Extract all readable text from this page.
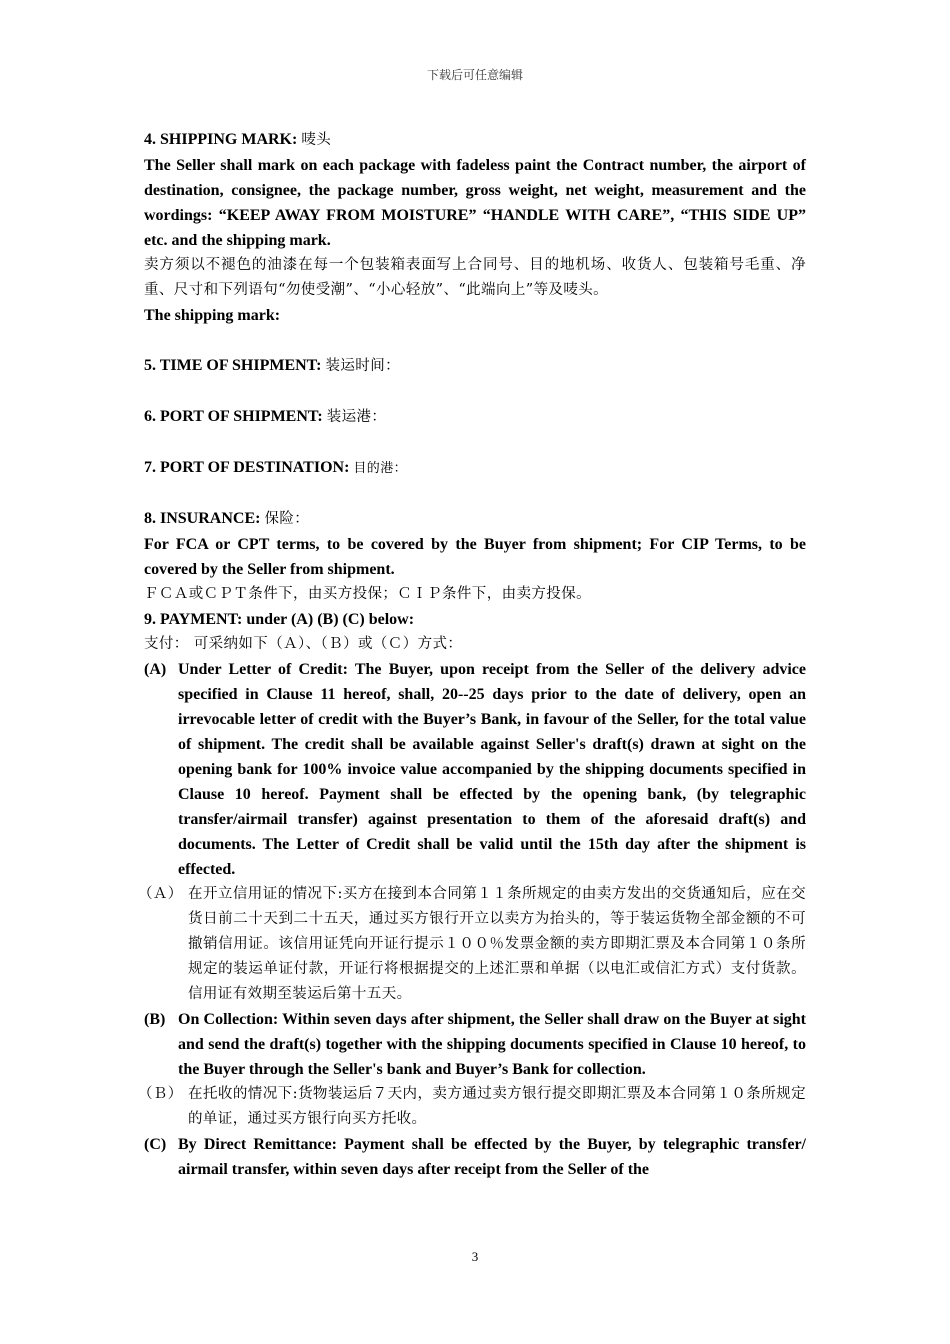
下载后可任意编辑
4. SHIPPING MARK: 唛头

The Seller shall mark on each package with fadeless paint the Contract number, the airport of destination, consignee, the package number, gross weight, net weight, measurement and the wordings: “KEEP AWAY FROM MOISTURE” “HANDLE WITH CARE”, “THIS SIDE UP” etc. and the shipping mark.

卖方须以不褪色的油漆在每一个包装箱表面写上合同号、目的地机场、收货人、包装箱号毛重、净重、尺寸和下列语句“勿使受潮”、“小心轻放”、“此端向上”等及唛头。

The shipping mark:

5. TIME OF SHIPMENT: 装运时间：
6. PORT OF SHIPMENT: 装运港：
7. PORT OF DESTINATION: 目的港：
8. INSURANCE: 保险：

For FCA or CPT terms, to be covered by the Buyer from shipment; For CIP Terms, to be covered by the Seller from shipment.

ＦＣＡ或ＣＰＴ条件下，由买方投保；ＣＩＰ条件下，由卖方投保。

9. PAYMENT: under (A) (B) (C) below:

支付： 可采纳如下（Ａ）、（Ｂ）或（Ｃ）方式：

(A) Under Letter of Credit: The Buyer, upon receipt from the Seller of the delivery advice specified in Clause 11 hereof, shall, 20--25 days prior to the date of delivery, open an irrevocable letter of credit with the Buyer’s Bank, in favour of the Seller, for the total value of shipment. The credit shall be available against Seller's draft(s) drawn at sight on the opening bank for 100% invoice value accompanied by the shipping documents specified in Clause 10 hereof. Payment shall be effected by the opening bank, (by telegraphic transfer/airmail transfer) against presentation to them of the aforesaid draft(s) and documents. The Letter of Credit shall be valid until the 15th day after the shipment is effected.
（Ａ） 在开立信用证的情况下:买方在接到本合同第１１条所规定的由卖方发出的交货通知后，应在交货日前二十天到二十五天，通过买方银行开立以卖方为抬头的，等于装运货物全部金额的不可撤销信用证。该信用证凭向开证行提示１００％发票金额的卖方即期汇票及本合同第１０条所规定的装运单证付款，开证行将根据提交的上述汇票和单据（以电汇或信汇方式）支付货款。信用证有效期至装运后第十五天。
(B) On Collection: Within seven days after shipment, the Seller shall draw on the Buyer at sight and send the draft(s) together with the shipping documents specified in Clause 10 hereof, to the Buyer through the Seller's bank and Buyer’s Bank for collection.
（Ｂ） 在托收的情况下:货物装运后７天内，卖方通过卖方银行提交即期汇票及本合同第１０条所规定的单证，通过买方银行向买方托收。
(C) By Direct Remittance: Payment shall be effected by the Buyer, by telegraphic transfer/ airmail transfer, within seven days after receipt from the Seller of the
3
